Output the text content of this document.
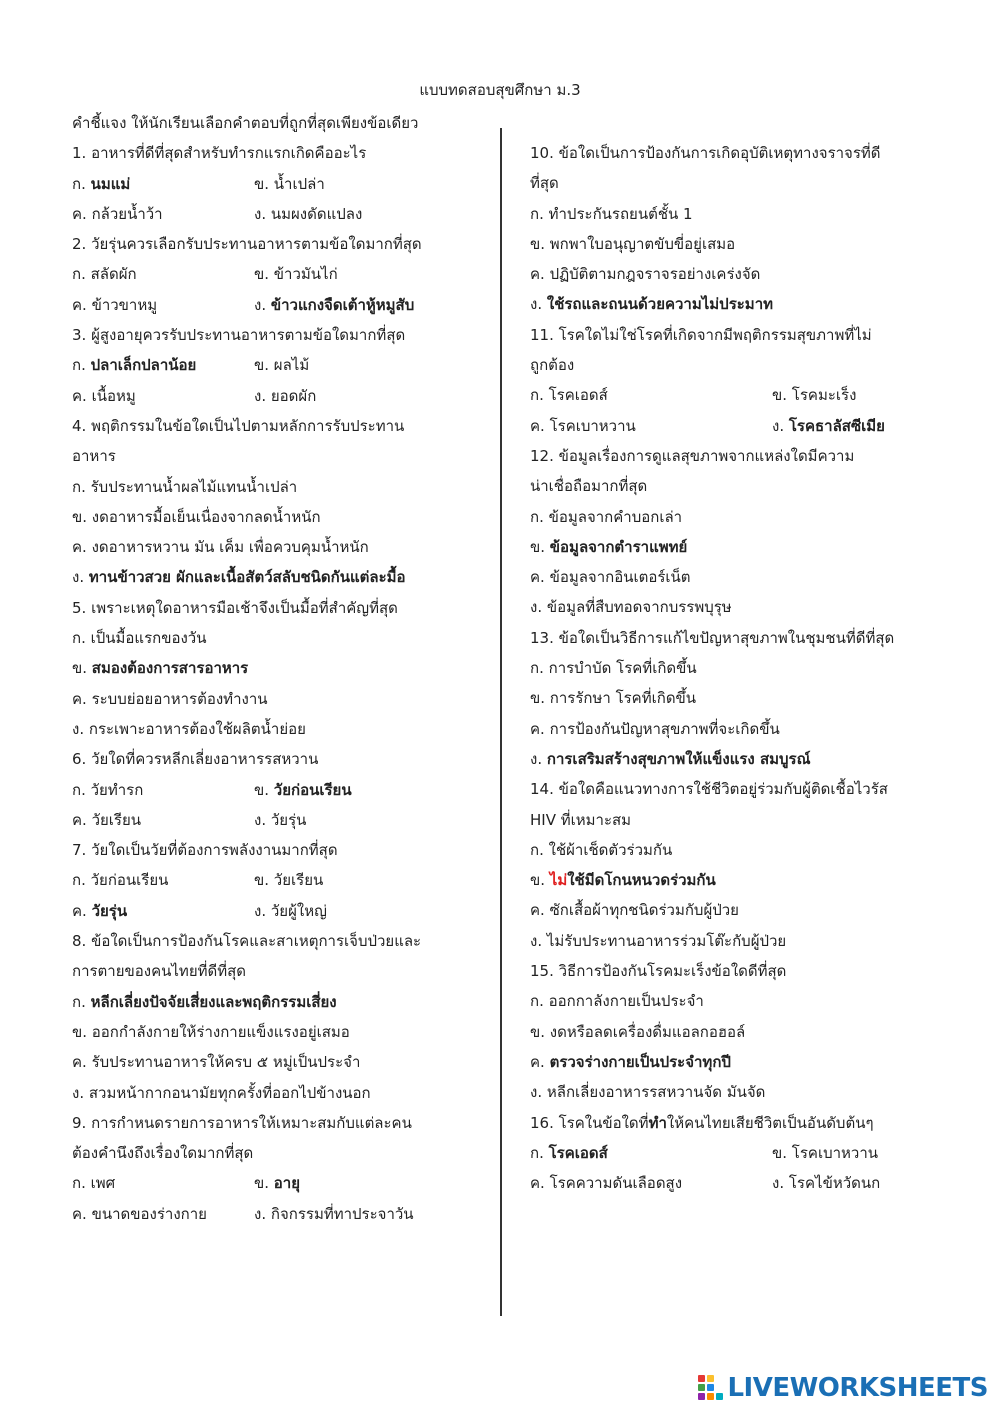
แบบทดสอบสุขศึกษา ม.3
คำชี้แจง ให้นักเรียนเลือกคำตอบที่ถูกที่สุดเพียงข้อเดียว
1. อาหารที่ดีที่สุดสำหรับทำรกแรกเกิดคืออะไร
ก. นมแม่	ข. น้ำเปล่า
ค. กล้วยน้ำว้า	ง. นมผงดัดแปลง
2. วัยรุ่นควรเลือกรับประทานอาหารตามข้อใดมากที่สุด
ก. สลัดผัก	ข. ข้าวมันไก่
ค. ข้าวขาหมู	ง. ข้าวแกงจืดเต้าหู้หมูสับ
3. ผู้สูงอายุควรรับประทานอาหารตามข้อใดมากที่สุด
ก. ปลาเล็กปลาน้อย	ข. ผลไม้
ค. เนื้อหมู	ง. ยอดผัก
4. พฤติกรรมในข้อใดเป็นไปตามหลักการรับประทาน
อาหาร
ก. รับประทานน้ำผลไม้แทนน้ำเปล่า
ข. งดอาหารมื้อเย็นเนื่องจากลดน้ำหนัก
ค. งดอาหารหวาน มัน เค็ม เพื่อควบคุมน้ำหนัก
ง. ทานข้าวสวย ผักและเนื้อสัตว์สลับชนิดกันแต่ละมื้อ
5. เพราะเหตุใดอาหารมือเช้าจึงเป็นมื้อที่สำคัญที่สุด
ก. เป็นมื้อแรกของวัน
ข. สมองต้องการสารอาหาร
ค. ระบบย่อยอาหารต้องทำงาน
ง. กระเพาะอาหารต้องใช้ผลิตน้ำย่อย
6. วัยใดที่ควรหลีกเลี่ยงอาหารรสหวาน
ก. วัยทำรก	ข. วัยก่อนเรียน
ค. วัยเรียน	ง. วัยรุ่น
7. วัยใดเป็นวัยที่ต้องการพลังงานมากที่สุด
ก. วัยก่อนเรียน	ข. วัยเรียน
ค. วัยรุ่น	ง. วัยผู้ใหญ่
8. ข้อใดเป็นการป้องกันโรคและสาเหตุการเจ็บป่วยและ
การตายของคนไทยที่ดีที่สุด
ก. หลีกเลี่ยงปัจจัยเสี่ยงและพฤติกรรมเสี่ยง
ข. ออกกำลังกายให้ร่างกายแข็งแรงอยู่เสมอ
ค. รับประทานอาหารให้ครบ ๕ หมู่เป็นประจำ
ง. สวมหน้ากากอนามัยทุกครั้งที่ออกไปข้างนอก
9. การกำหนดรายการอาหารให้เหมาะสมกับแต่ละคน
ต้องคำนึงถึงเรื่องใดมากที่สุด
ก. เพศ	ข. อายุ
ค. ขนาดของร่างกาย	ง. กิจกรรมที่ทาประจาวัน
10. ข้อใดเป็นการป้องกันการเกิดอุบัติเหตุทางจราจรที่ดี
ที่สุด
ก. ทำประกันรถยนต์ชั้น 1
ข. พกพาใบอนุญาตขับขี่อยู่เสมอ
ค. ปฏิบัติตามกฎจราจรอย่างเคร่งจัด
ง. ใช้รถและถนนด้วยความไม่ประมาท
11. โรคใดไม่ใช่โรคที่เกิดจากมีพฤติกรรมสุขภาพที่ไม่
ถูกต้อง
ก. โรคเอดส์	ข. โรคมะเร็ง
ค. โรคเบาหวาน	ง. โรคธาลัสซีเมีย
12. ข้อมูลเรื่องการดูแลสุขภาพจากแหล่งใดมีความ
น่าเชื่อถือมากที่สุด
ก. ข้อมูลจากคำบอกเล่า
ข. ข้อมูลจากตำราแพทย์
ค. ข้อมูลจากอินเตอร์เน็ต
ง. ข้อมูลที่สืบทอดจากบรรพบุรุษ
13. ข้อใดเป็นวิธีการแก้ไขปัญหาสุขภาพในชุมชนที่ดีที่สุด
ก. การบำบัด โรคที่เกิดขึ้น
ข. การรักษา โรคที่เกิดขึ้น
ค. การป้องกันปัญหาสุขภาพที่จะเกิดขึ้น
ง. การเสริมสร้างสุขภาพให้แข็งแรง สมบูรณ์
14. ข้อใดคือแนวทางการใช้ชีวิตอยู่ร่วมกับผู้ติดเชื้อไวรัส
HIV ที่เหมาะสม
ก. ใช้ผ้าเช็ดตัวร่วมกัน
ข. ไม่ใช้มีดโกนหนวดร่วมกัน
ค. ซักเสื้อผ้าทุกชนิดร่วมกับผู้ป่วย
ง. ไม่รับประทานอาหารร่วมโต๊ะกับผู้ป่วย
15. วิธีการป้องกันโรคมะเร็งข้อใดดีที่สุด
ก. ออกกาลังกายเป็นประจำ
ข. งดหรือลดเครื่องดื่มแอลกอฮอล์
ค. ตรวจร่างกายเป็นประจำทุกปี
ง. หลีกเลี่ยงอาหารรสหวานจัด มันจัด
16. โรคในข้อใดที่ทำให้คนไทยเสียชีวิตเป็นอันดับต้นๆ
ก. โรคเอดส์	ข. โรคเบาหวาน
ค. โรคความดันเลือดสูง	ง. โรคไข้หวัดนก
LIVEWORKSHEETS
